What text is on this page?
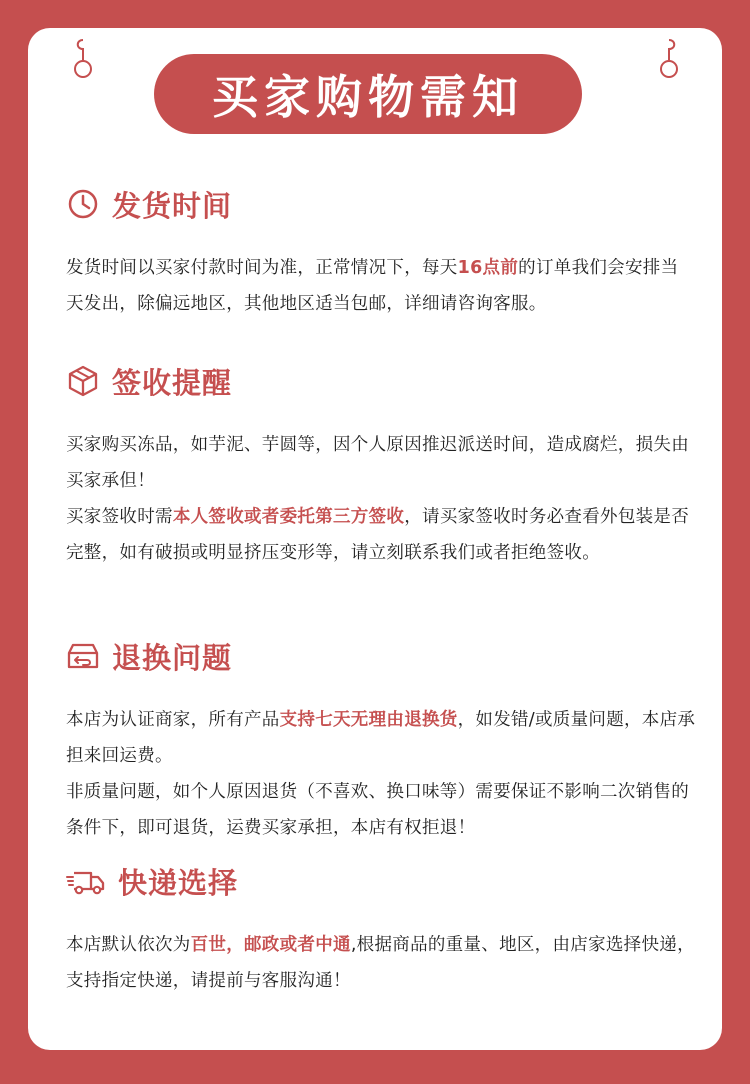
买家购物需知
发货时间

发货时间以买家付款时间为准，正常情况下，每天16点前的订单我们会安排当天发出，除偏远地区，其他地区适当包邮，详细请咨询客服。

签收提醒

买家购买冻品，如芋泥、芋圆等，因个人原因推迟派送时间，造成腐烂，损失由买家承但！

买家签收时需本人签收或者委托第三方签收，请买家签收时务必查看外包装是否完整，如有破损或明显挤压变形等，请立刻联系我们或者拒绝签收。

退换问题

本店为认证商家，所有产品支持七天无理由退换货，如发错/或质量问题，本店承担来回运费。

非质量问题，如个人原因退货（不喜欢、换口味等）需要保证不影响二次销售的条件下，即可退货，运费买家承担，本店有权拒退！

快递选择

本店默认依次为百世，邮政或者中通,根据商品的重量、地区，由店家选择快递，支持指定快递，请提前与客服沟通！
